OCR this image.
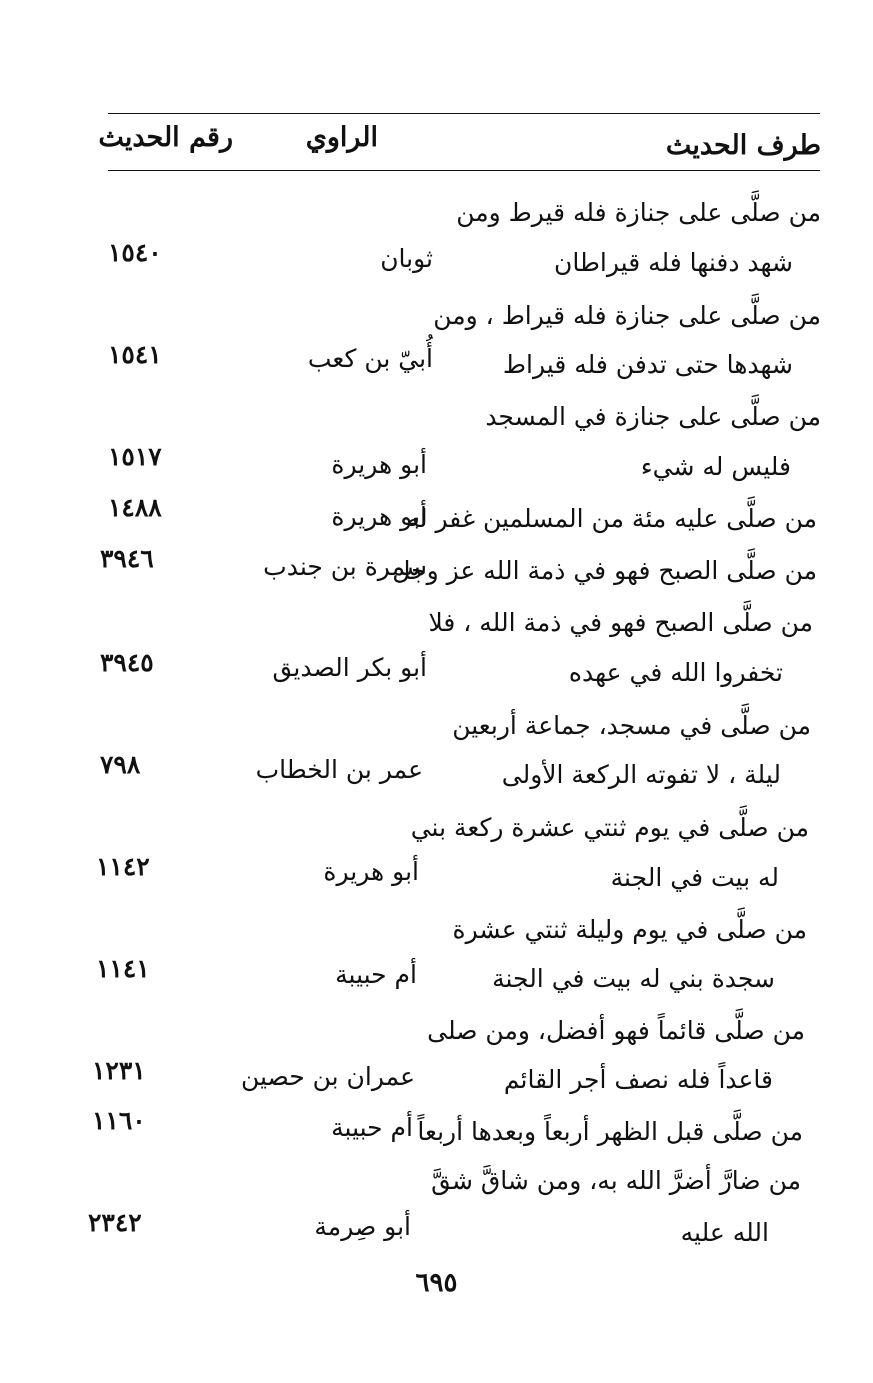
طرف الحديث
الراوي
رقم الحديث
من صلَّى على جنازة فله قيرط ومن
شهد دفنها فله قيراطان
ثوبان
١٥٤٠
من صلَّى على جنازة فله قيراط ، ومن
شهدها حتى تدفن فله قيراط
أُبيّ بن كعب
١٥٤١
من صلَّى على جنازة في المسجد
فليس له شيء
أبو هريرة
١٥١٧
من صلَّى عليه مئة من المسلمين غفر له
أبو هريرة
١٤٨٨
من صلَّى الصبح فهو في ذمة الله عز وجل
سمرة بن جندب
٣٩٤٦
من صلَّى الصبح فهو في ذمة الله ، فلا
تخفروا الله في عهده
أبو بكر الصديق
٣٩٤٥
من صلَّى في مسجد، جماعة أربعين
ليلة ، لا تفوته الركعة الأولى
عمر بن الخطاب
٧٩٨
من صلَّى في يوم ثنتي عشرة ركعة بني
له بيت في الجنة
أبو هريرة
١١٤٢
من صلَّى في يوم وليلة ثنتي عشرة
سجدة بني له بيت في الجنة
أم حبيبة
١١٤١
من صلَّى قائماً فهو أفضل، ومن صلى
قاعداً فله نصف أجر القائم
عمران بن حصين
١٢٣١
من صلَّى قبل الظهر أربعاً وبعدها أربعاً
أم حبيبة
١١٦٠
من ضارَّ أضرَّ الله به، ومن شاقَّ شقَّ
الله عليه
أبو صِرمة
٢٣٤٢
٦٩٥
